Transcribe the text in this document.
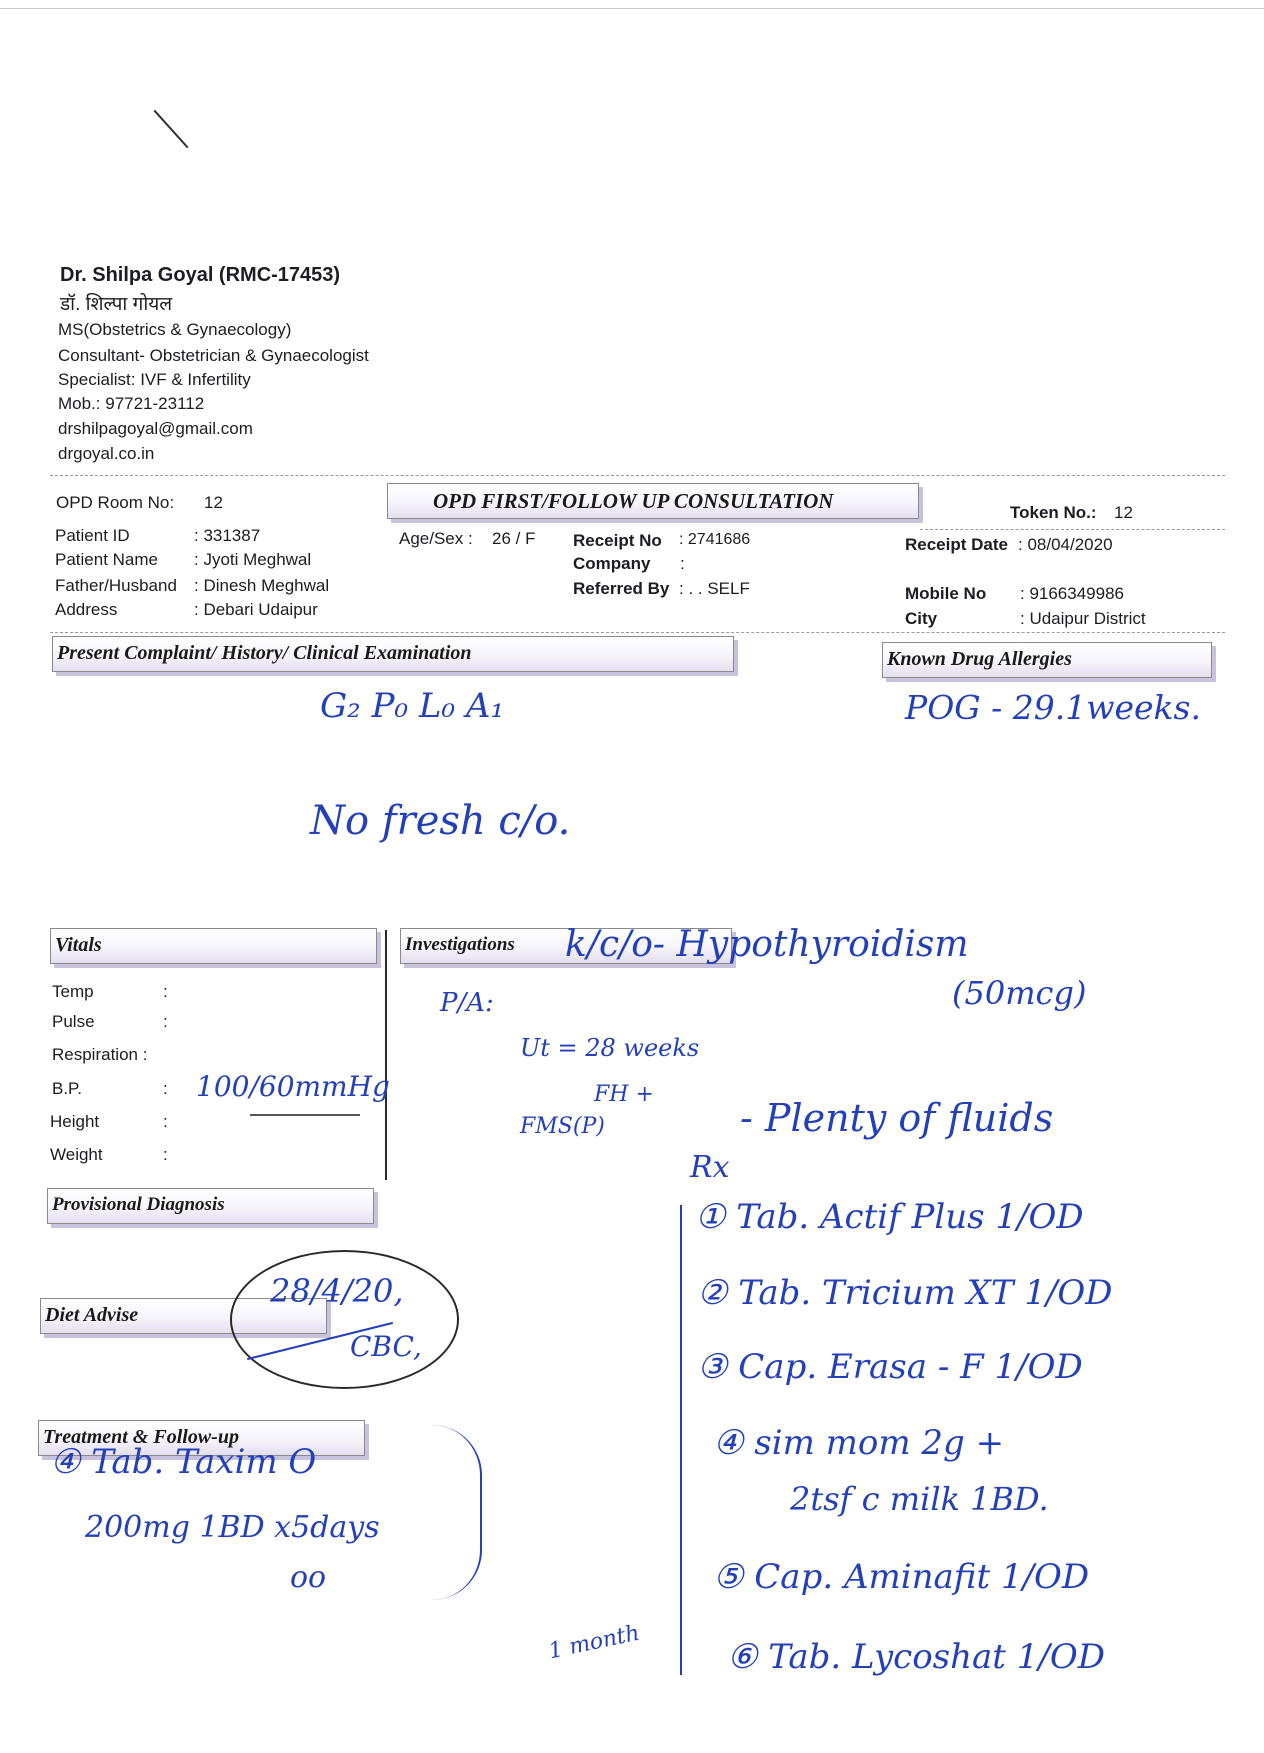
Dr. Shilpa Goyal (RMC-17453)
डॉ. शिल्पा गोयल
MS(Obstetrics & Gynaecology)
Consultant- Obstetrician & Gynaecologist
Specialist: IVF & Infertility
Mob.: 97721-23112
drshilpagoyal@gmail.com
drgoyal.co.in
OPD Room No: 12	OPD FIRST/FOLLOW UP CONSULTATION	Token No.: 12
Patient ID	: 331387
Patient Name : Jyoti Meghwal
Father/Husband : Dinesh Meghwal
Address	: Debari Udaipur
Age/Sex : 26 / F Receipt No : 2741686
Company :
Referred By : . . SELF
Receipt Date : 08/04/2020
Mobile No : 9166349986
City	: Udaipur District
Present Complaint/ History/ Clinical Examination	Known Drug Allergies
G₂ P₀ L₀ A₁	POG - 29.1weeks.
No fresh c/o.
Vitals
Temp	:
Pulse	:
Respiration :
B.P.	:
Height	:
Weight	:
100/60mmHg
Investigations k/c/o- Hypothyroidism
(50mcg)
P/A:
Ut = 28 weeks
FH +
FMS(P)	- Plenty of fluids
Provisional Diagnosis
Rx
① Tab. Actif Plus 1/OD
② Tab. Tricium XT 1/OD
③ Cap. Erasa - F 1/OD
④ sim mom 2g +
2tsf c milk 1BD.
⑤ Cap. Aminafit 1/OD
⑥ Tab. Lycoshat 1/OD
Diet Advise
28/4/20,
CBC,
Treatment & Follow-up
④ Tab. Taxim O
200mg 1BD x5days
oo
1 month
